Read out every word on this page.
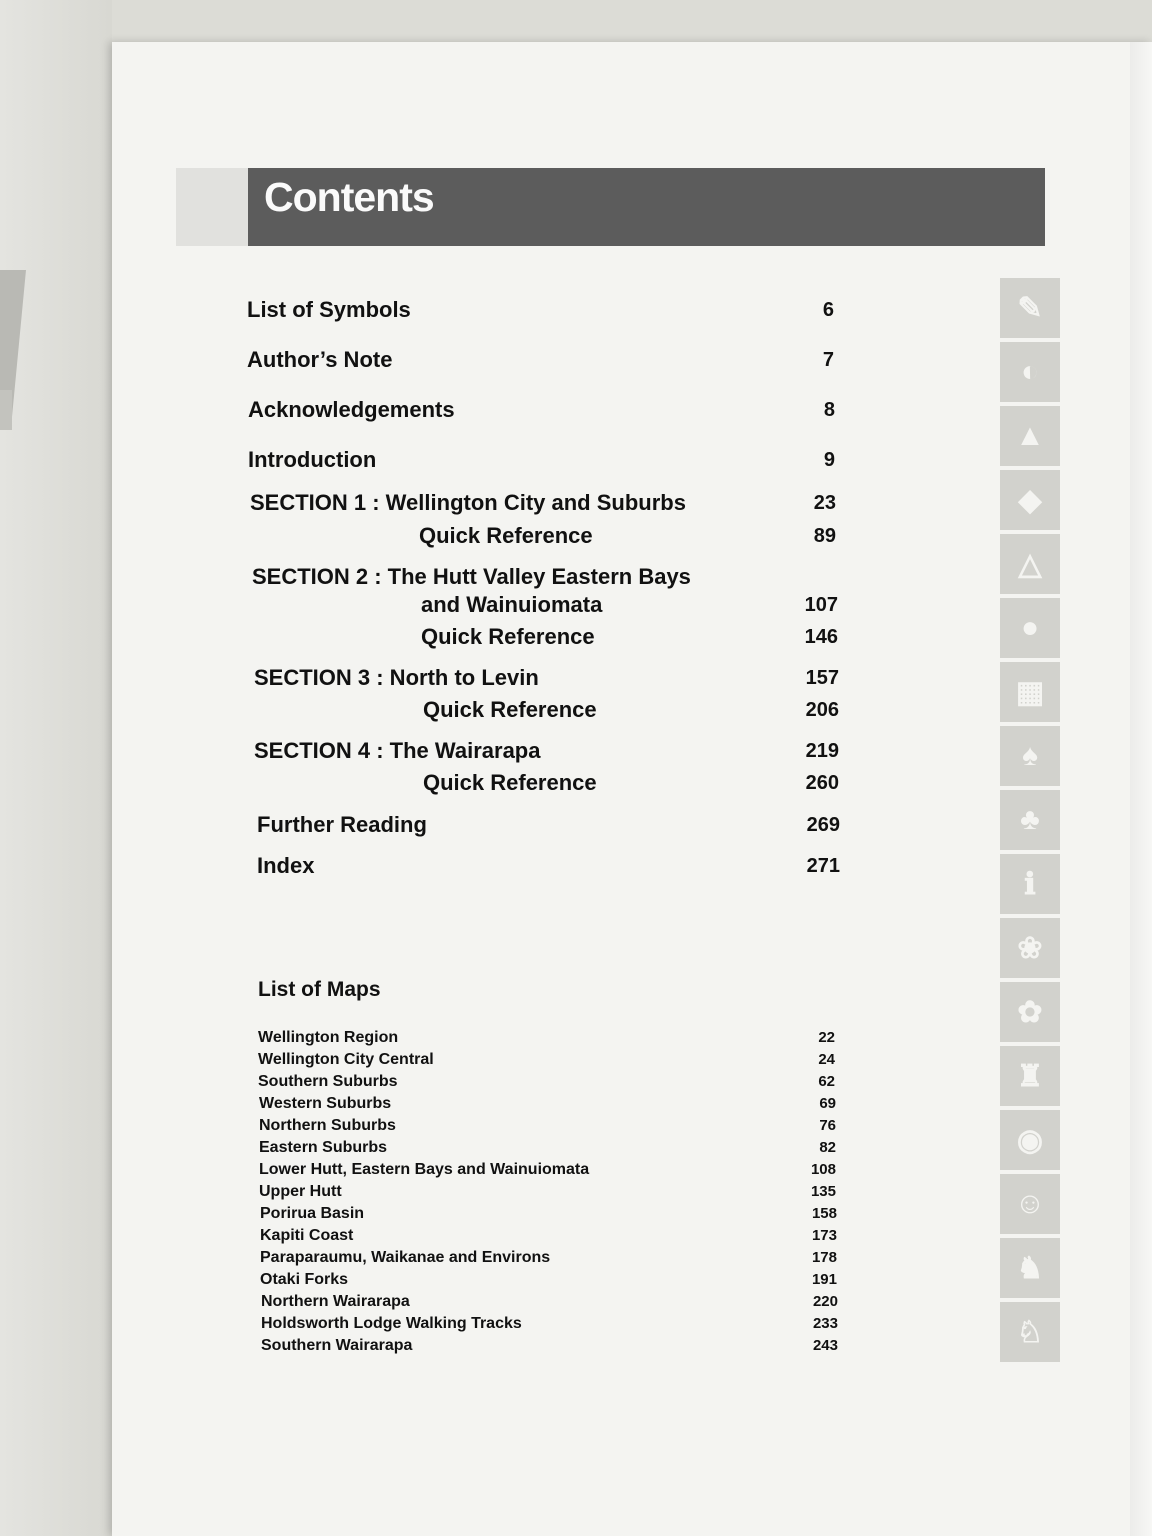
Contents
✎
◐
▲
◆
△
●
▦
♠
♣
ℹ
❀
✿
♜
◉
☺
♞
♘
List of Symbols	6
Author’s Note	7
Acknowledgements	8
Introduction	9
SECTION 1 : Wellington City and Suburbs	23
Quick Reference	89
SECTION 2 : The Hutt Valley Eastern Bays
and Wainuiomata	107
Quick Reference	146
SECTION 3 : North to Levin	157
Quick Reference	206
SECTION 4 : The Wairarapa	219
Quick Reference	260
Further Reading	269
Index	271
List of Maps
Wellington Region	22
Wellington City Central	24
Southern Suburbs	62
Western Suburbs	69
Northern Suburbs	76
Eastern Suburbs	82
Lower Hutt, Eastern Bays and Wainuiomata	108
Upper Hutt	135
Porirua Basin	158
Kapiti Coast	173
Paraparaumu, Waikanae and Environs	178
Otaki Forks	191
Northern Wairarapa	220
Holdsworth Lodge Walking Tracks	233
Southern Wairarapa	243
